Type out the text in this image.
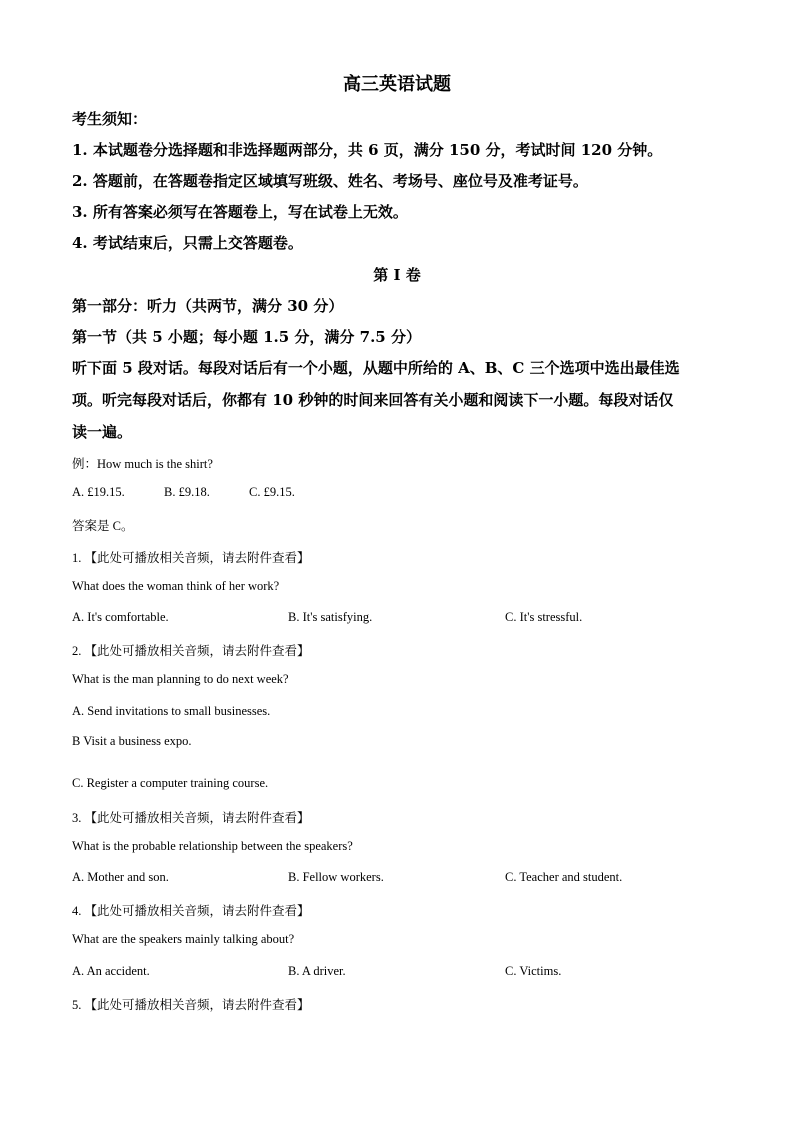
高三英语试题
考生须知：
1. 本试题卷分选择题和非选择题两部分，共 6 页，满分 150 分，考试时间 120 分钟。
2. 答题前，在答题卷指定区域填写班级、姓名、考场号、座位号及准考证号。
3. 所有答案必须写在答题卷上，写在试卷上无效。
4. 考试结束后，只需上交答题卷。
第 I 卷
第一部分：听力（共两节，满分 30 分）
第一节（共 5 小题；每小题 1.5 分，满分 7.5 分）
听下面 5 段对话。每段对话后有一个小题，从题中所给的 A、B、C 三个选项中选出最佳选
项。听完每段对话后，你都有 10 秒钟的时间来回答有关小题和阅读下一小题。每段对话仅
读一遍。
例：How much is the shirt?
A. £19.15.	B. £9.18.	C. £9.15.
答案是 C。
1. 【此处可播放相关音频，请去附件查看】
What does the woman think of her work?
A. It's comfortable.	B. It's satisfying.	C. It's stressful.
2. 【此处可播放相关音频，请去附件查看】
What is the man planning to do next week?
A. Send invitations to small businesses.
B Visit a business expo.
C. Register a computer training course.
3. 【此处可播放相关音频，请去附件查看】
What is the probable relationship between the speakers?
A. Mother and son.	B. Fellow workers.	C. Teacher and student.
4. 【此处可播放相关音频，请去附件查看】
What are the speakers mainly talking about?
A. An accident.	B. A driver.	C. Victims.
5. 【此处可播放相关音频，请去附件查看】
